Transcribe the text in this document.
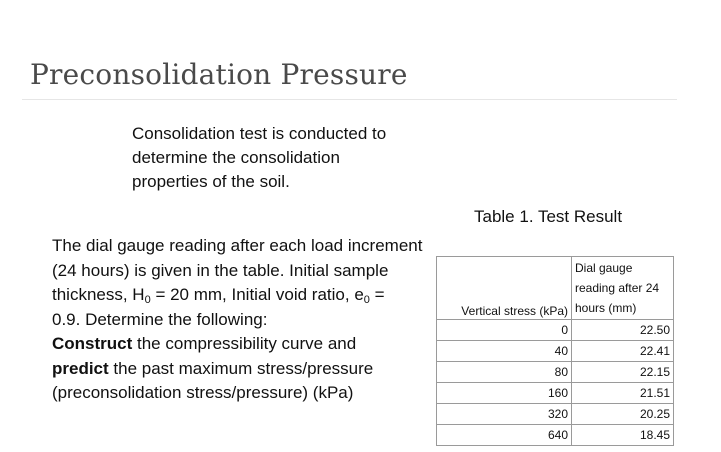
Preconsolidation Pressure
Consolidation test is conducted to
determine the consolidation
properties of the soil.
Table 1. Test Result
The dial gauge reading after each load increment
(24 hours) is given in the table. Initial sample
thickness, $H_0 = 20$ mm, Initial void ratio, $e_0$ =
0.9. Determine the following:
Construct the compressibility curve and
predict the past maximum stress/pressure
(preconsolidation stress/pressure) (kPa)
Vertical stress (kPa)	Dial gauge
reading after 24
hours (mm)

0	22.50
40	22.41
80	22.15
160	21.51
320	20.25
640	18.45
